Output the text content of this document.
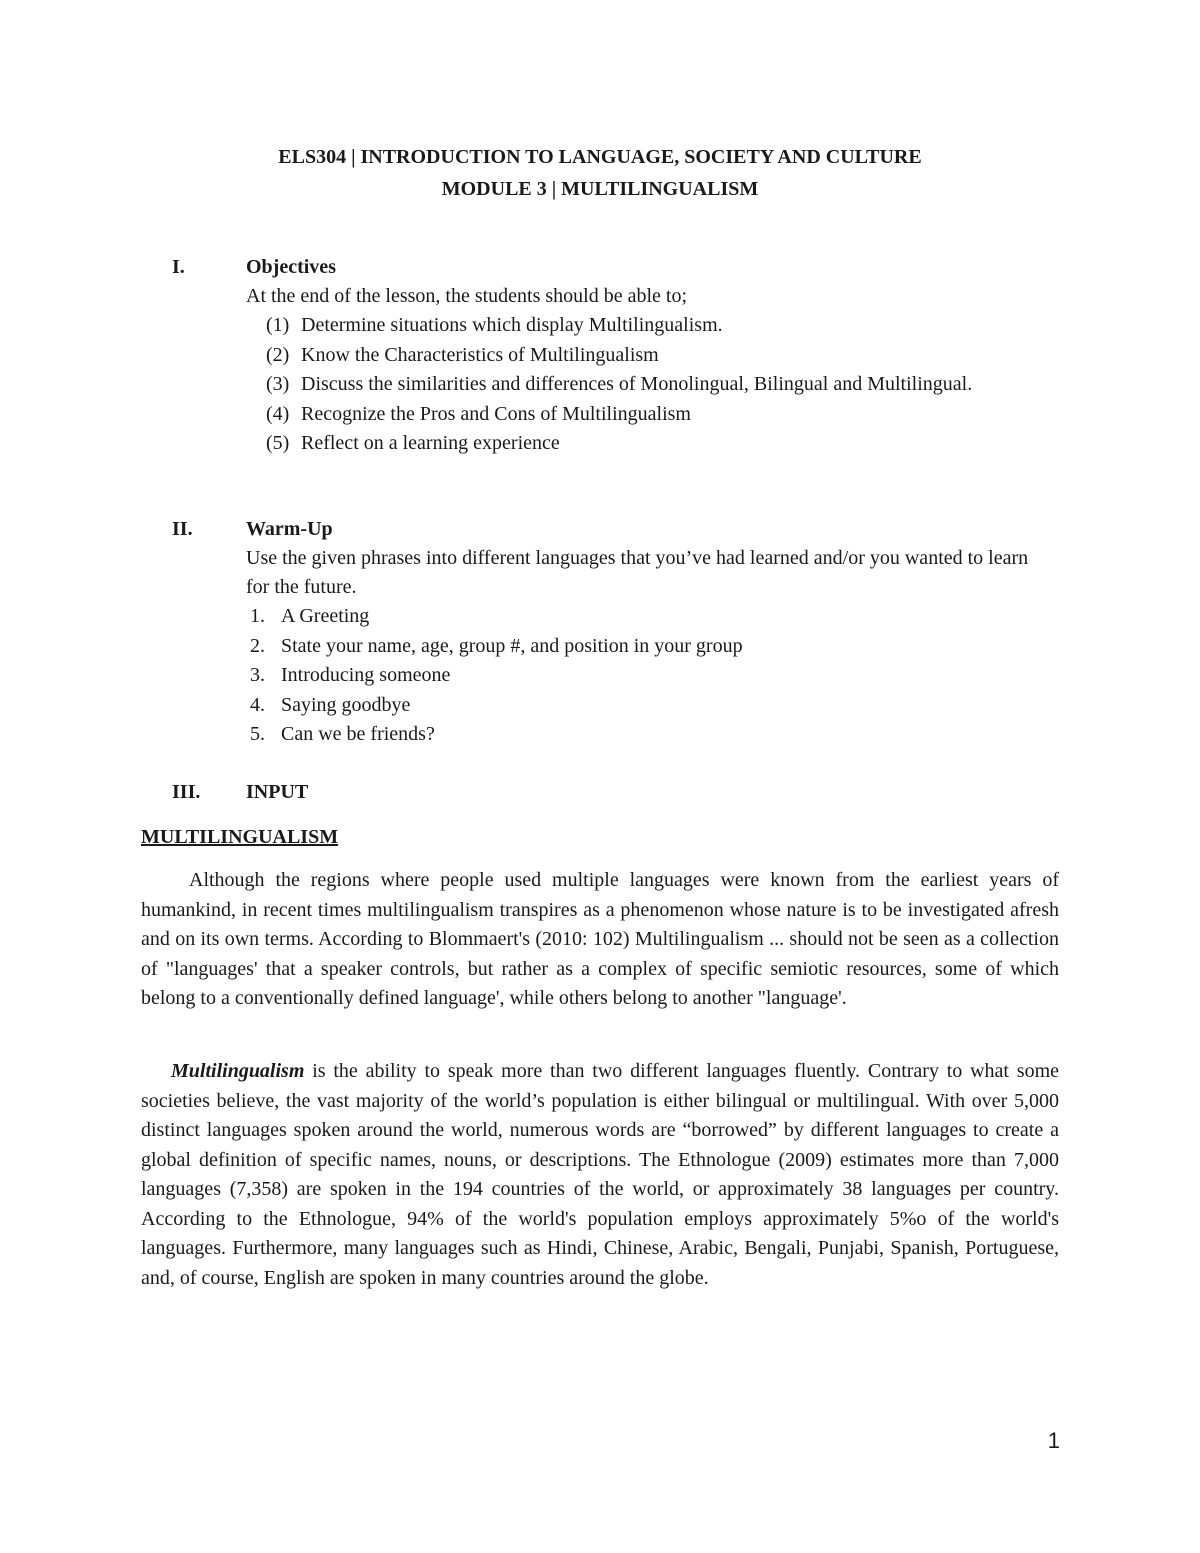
ELS304 | INTRODUCTION TO LANGUAGE, SOCIETY AND CULTURE
MODULE 3 | MULTILINGUALISM
I.	Objectives

At the end of the lesson, the students should be able to;

(1) Determine situations which display Multilingualism.
(2) Know the Characteristics of Multilingualism
(3) Discuss the similarities and differences of Monolingual, Bilingual and Multilingual.
(4) Recognize the Pros and Cons of Multilingualism
(5) Reflect on a learning experience
II.	Warm-Up

Use the given phrases into different languages that you’ve had learned and/or you wanted to learn for the future.

1. A Greeting
2. State your name, age, group #, and position in your group
3. Introducing someone
4. Saying goodbye
5. Can we be friends?
III. INPUT

MULTILINGUALISM

Although the regions where people used multiple languages were known from the earliest years of humankind, in recent times multilingualism transpires as a phenomenon whose nature is to be investigated afresh and on its own terms. According to Blommaert's (2010: 102) Multilingualism ... should not be seen as a collection of "languages' that a speaker controls, but rather as a complex of specific semiotic resources, some of which belong to a conventionally defined language', while others belong to another "language'.

Multilingualism is the ability to speak more than two different languages fluently. Contrary to what some societies believe, the vast majority of the world’s population is either bilingual or multilingual. With over 5,000 distinct languages spoken around the world, numerous words are “borrowed” by different languages to create a global definition of specific names, nouns, or descriptions. The Ethnologue (2009) estimates more than 7,000 languages (7,358) are spoken in the 194 countries of the world, or approximately 38 languages per country. According to the Ethnologue, 94% of the world's population employs approximately 5%o of the world's languages. Furthermore, many languages such as Hindi, Chinese, Arabic, Bengali, Punjabi, Spanish, Portuguese, and, of course, English are spoken in many countries around the globe.

1
